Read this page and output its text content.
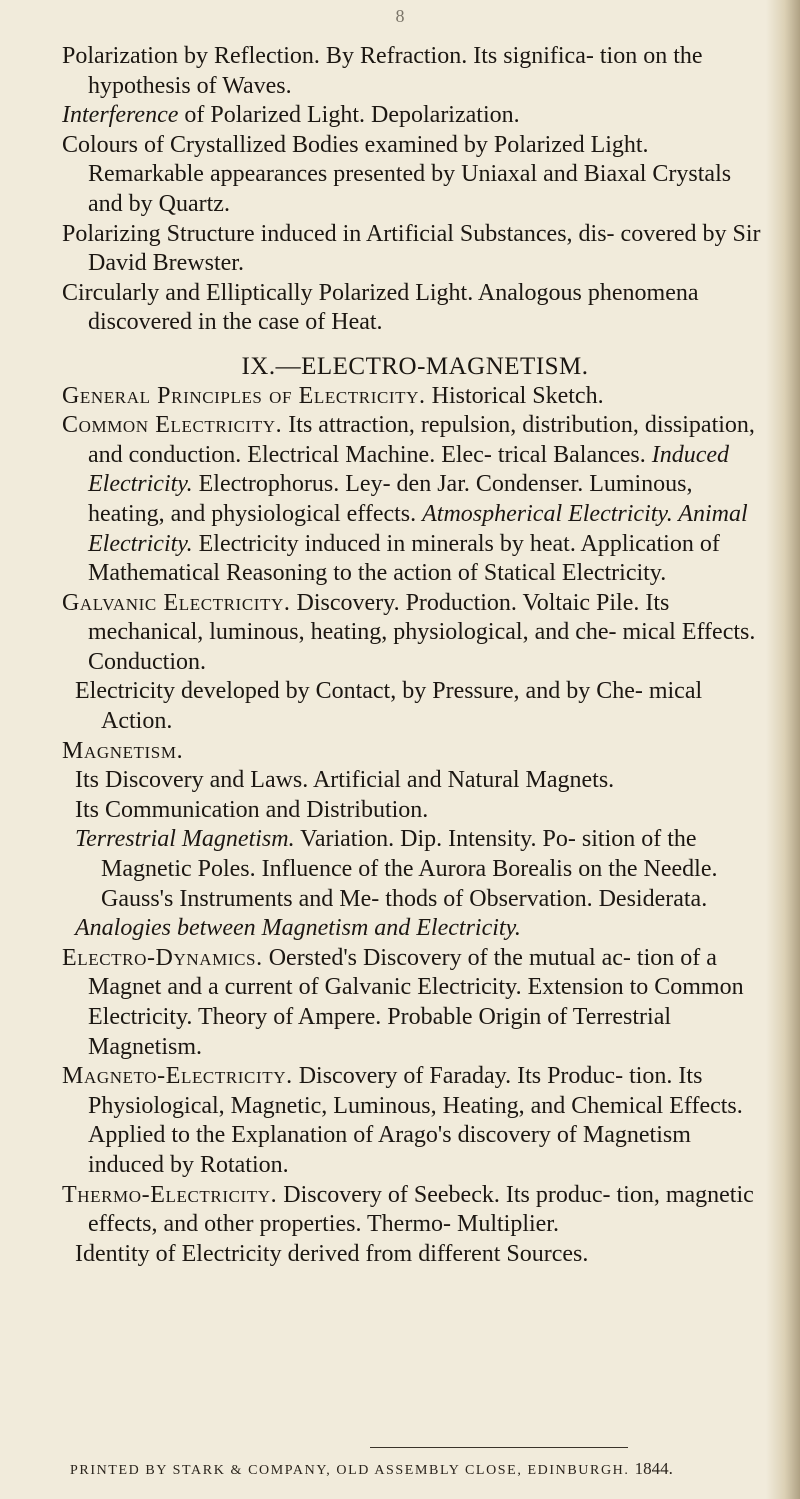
8

Polarization by Reflection. By Refraction. Its significa- tion on the hypothesis of Waves.

Interference of Polarized Light. Depolarization.

Colours of Crystallized Bodies examined by Polarized Light. Remarkable appearances presented by Uniaxal and Biaxal Crystals and by Quartz.

Polarizing Structure induced in Artificial Substances, dis- covered by Sir David Brewster.

Circularly and Elliptically Polarized Light. Analogous phenomena discovered in the case of Heat.

IX.—ELECTRO-MAGNETISM.

General Principles of Electricity. Historical Sketch.

Common Electricity. Its attraction, repulsion, distribution, dissipation, and conduction. Electrical Machine. Elec- trical Balances. Induced Electricity. Electrophorus. Ley- den Jar. Condenser. Luminous, heating, and physiological effects. Atmospherical Electricity. Animal Electricity. Electricity induced in minerals by heat. Application of Mathematical Reasoning to the action of Statical Electricity.

Galvanic Electricity. Discovery. Production. Voltaic Pile. Its mechanical, luminous, heating, physiological, and che- mical Effects. Conduction.

Electricity developed by Contact, by Pressure, and by Che- mical Action.

Magnetism.

Its Discovery and Laws. Artificial and Natural Magnets.

Its Communication and Distribution.

Terrestrial Magnetism. Variation. Dip. Intensity. Po- sition of the Magnetic Poles. Influence of the Aurora Borealis on the Needle. Gauss's Instruments and Me- thods of Observation. Desiderata.

Analogies between Magnetism and Electricity.

Electro-Dynamics. Oersted's Discovery of the mutual ac- tion of a Magnet and a current of Galvanic Electricity. Extension to Common Electricity. Theory of Ampere. Probable Origin of Terrestrial Magnetism.

Magneto-Electricity. Discovery of Faraday. Its Produc- tion. Its Physiological, Magnetic, Luminous, Heating, and Chemical Effects. Applied to the Explanation of Arago's discovery of Magnetism induced by Rotation.

Thermo-Electricity. Discovery of Seebeck. Its produc- tion, magnetic effects, and other properties. Thermo- Multiplier.

Identity of Electricity derived from different Sources.

PRINTED BY STARK & COMPANY, OLD ASSEMBLY CLOSE, EDINBURGH. 1844.
